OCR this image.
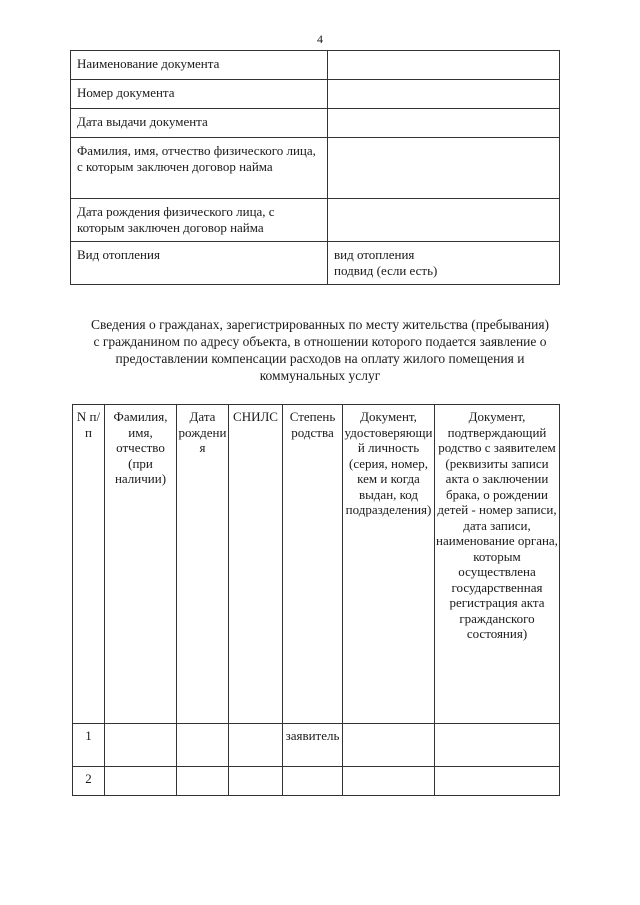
4
Наименование документа	
Номер документа	
Дата выдачи документа	
Фамилия, имя, отчество физического лица, с которым заключен договор найма	
Дата рождения физического лица, с которым заключен договор найма	
Вид отопления	вид отопления
подвид (если есть)
Сведения о гражданах, зарегистрированных по месту жительства (пребывания) с гражданином по адресу объекта, в отношении которого подается заявление о предоставлении компенсации расходов на оплату жилого помещения и коммунальных услуг
N п/п	Фамилия, имя, отчество (при наличии)	Дата рождения	СНИЛС	Степень родства	Документ, удостоверяющий личность (серия, номер, кем и когда выдан, код подразделения)	Документ, подтверждающий родство с заявителем (реквизиты записи акта о заключении брака, о рождении детей - номер записи, дата записи, наименование органа, которым осуществлена государственная регистрация акта гражданского состояния)
1				заявитель		
2						
